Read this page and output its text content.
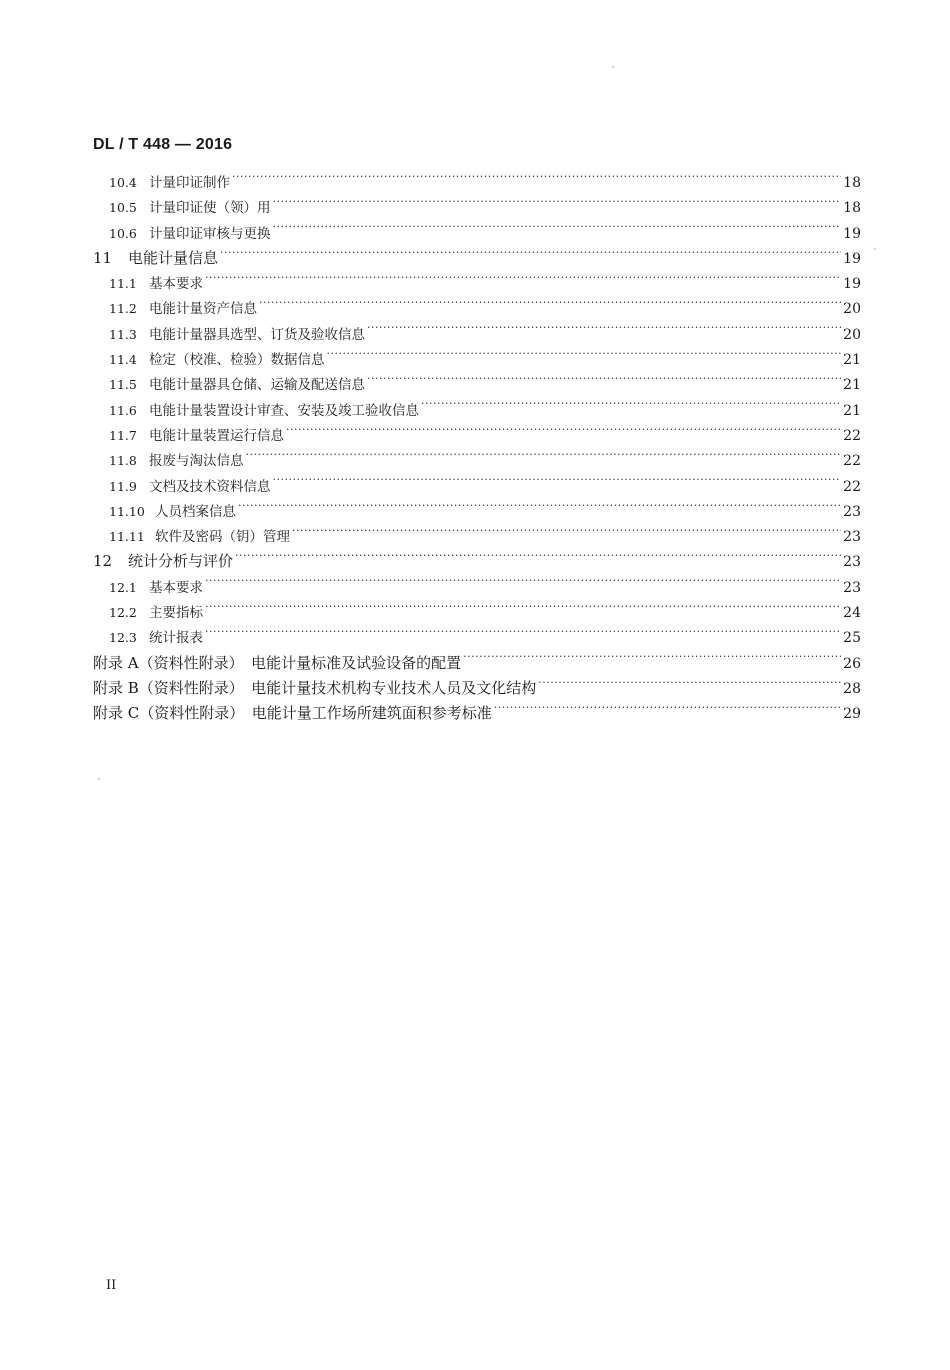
DL / T 448 — 2016
10.4 计量印证制作 ·····	18
10.5 计量印证使（领）用 ·····	18
10.6 计量印证审核与更换 ·····	19
11	电能计量信息 ·····	19
11.1 基本要求 ·····	19
11.2 电能计量资产信息 ·····	20
11.3 电能计量器具选型、订货及验收信息 ·····	20
11.4 检定（校准、检验）数据信息 ·····	21
11.5 电能计量器具仓储、运输及配送信息 ·····	21
11.6 电能计量装置设计审查、安装及竣工验收信息 ·····	21
11.7 电能计量装置运行信息 ·····	22
11.8 报废与淘汰信息 ·····	22
11.9 文档及技术资料信息 ·····	22
11.10 人员档案信息 ·····	23
11.11 软件及密码（钥）管理 ·····	23
12	统计分析与评价 ·····	23
12.1 基本要求 ·····	23
12.2 主要指标 ·····	24
12.3 统计报表 ·····	25
附录 A（资料性附录）　电能计量标准及试验设备的配置 ·····	26
附录 B（资料性附录）　电能计量技术机构专业技术人员及文化结构 ·····	28
附录 C（资料性附录）　电能计量工作场所建筑面积参考标准 ·····	29
II
